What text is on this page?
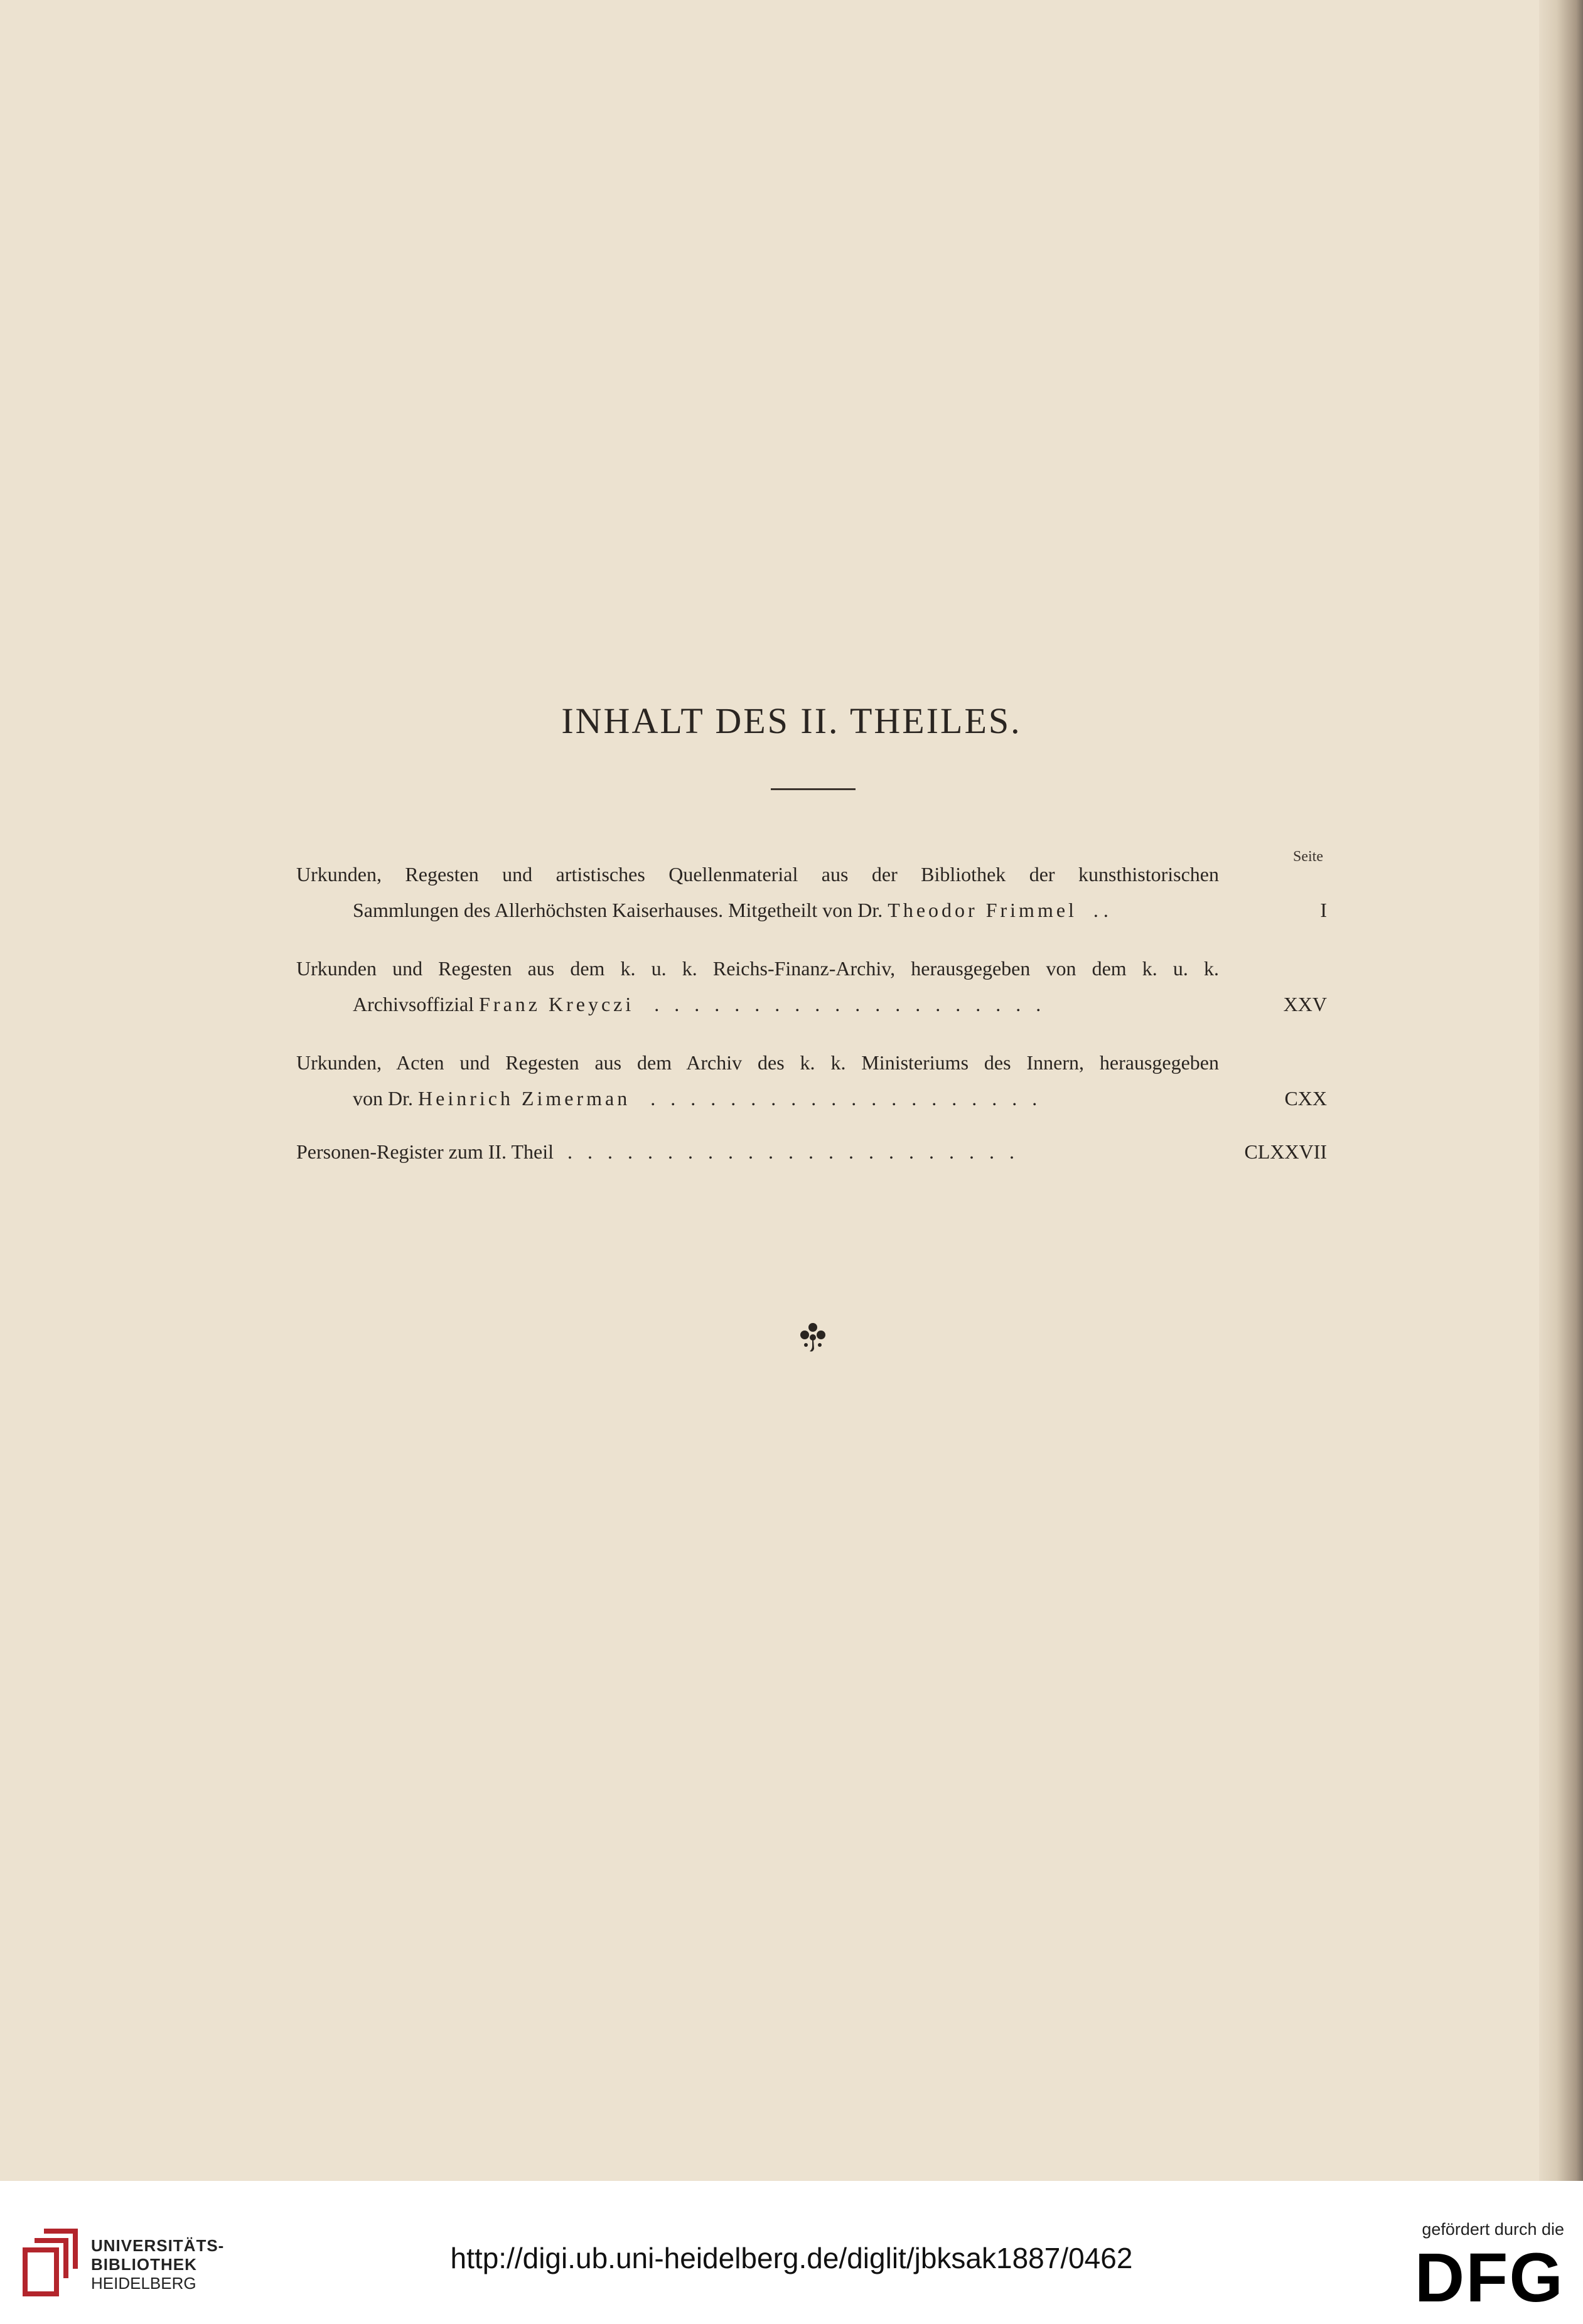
INHALT DES II. THEILES.
Seite
Urkunden, Regesten und artistisches Quellenmaterial aus der Bibliothek der kunsthistorischen
Sammlungen des Allerhöchsten Kaiserhauses. Mitgetheilt von Dr. Theodor Frimmel . .	I
Urkunden und Regesten aus dem k. u. k. Reichs-Finanz-Archiv, herausgegeben von dem k. u. k.
Archivsoffizial Franz Kreyczi . . . . . . . . . . . . . . . . . . . .	XXV
Urkunden, Acten und Regesten aus dem Archiv des k. k. Ministeriums des Innern, herausgegeben
von Dr. Heinrich Zimerman . . . . . . . . . . . . . . . . . . . .	CXX
Personen-Register zum II. Theil . . . . . . . . . . . . . . . . . . . . . . .	CLXXVII
UNIVERSITÄTS-
BIBLIOTHEK
HEIDELBERG
http://digi.ub.uni-heidelberg.de/diglit/jbksak1887/0462
gefördert durch die
DFG
